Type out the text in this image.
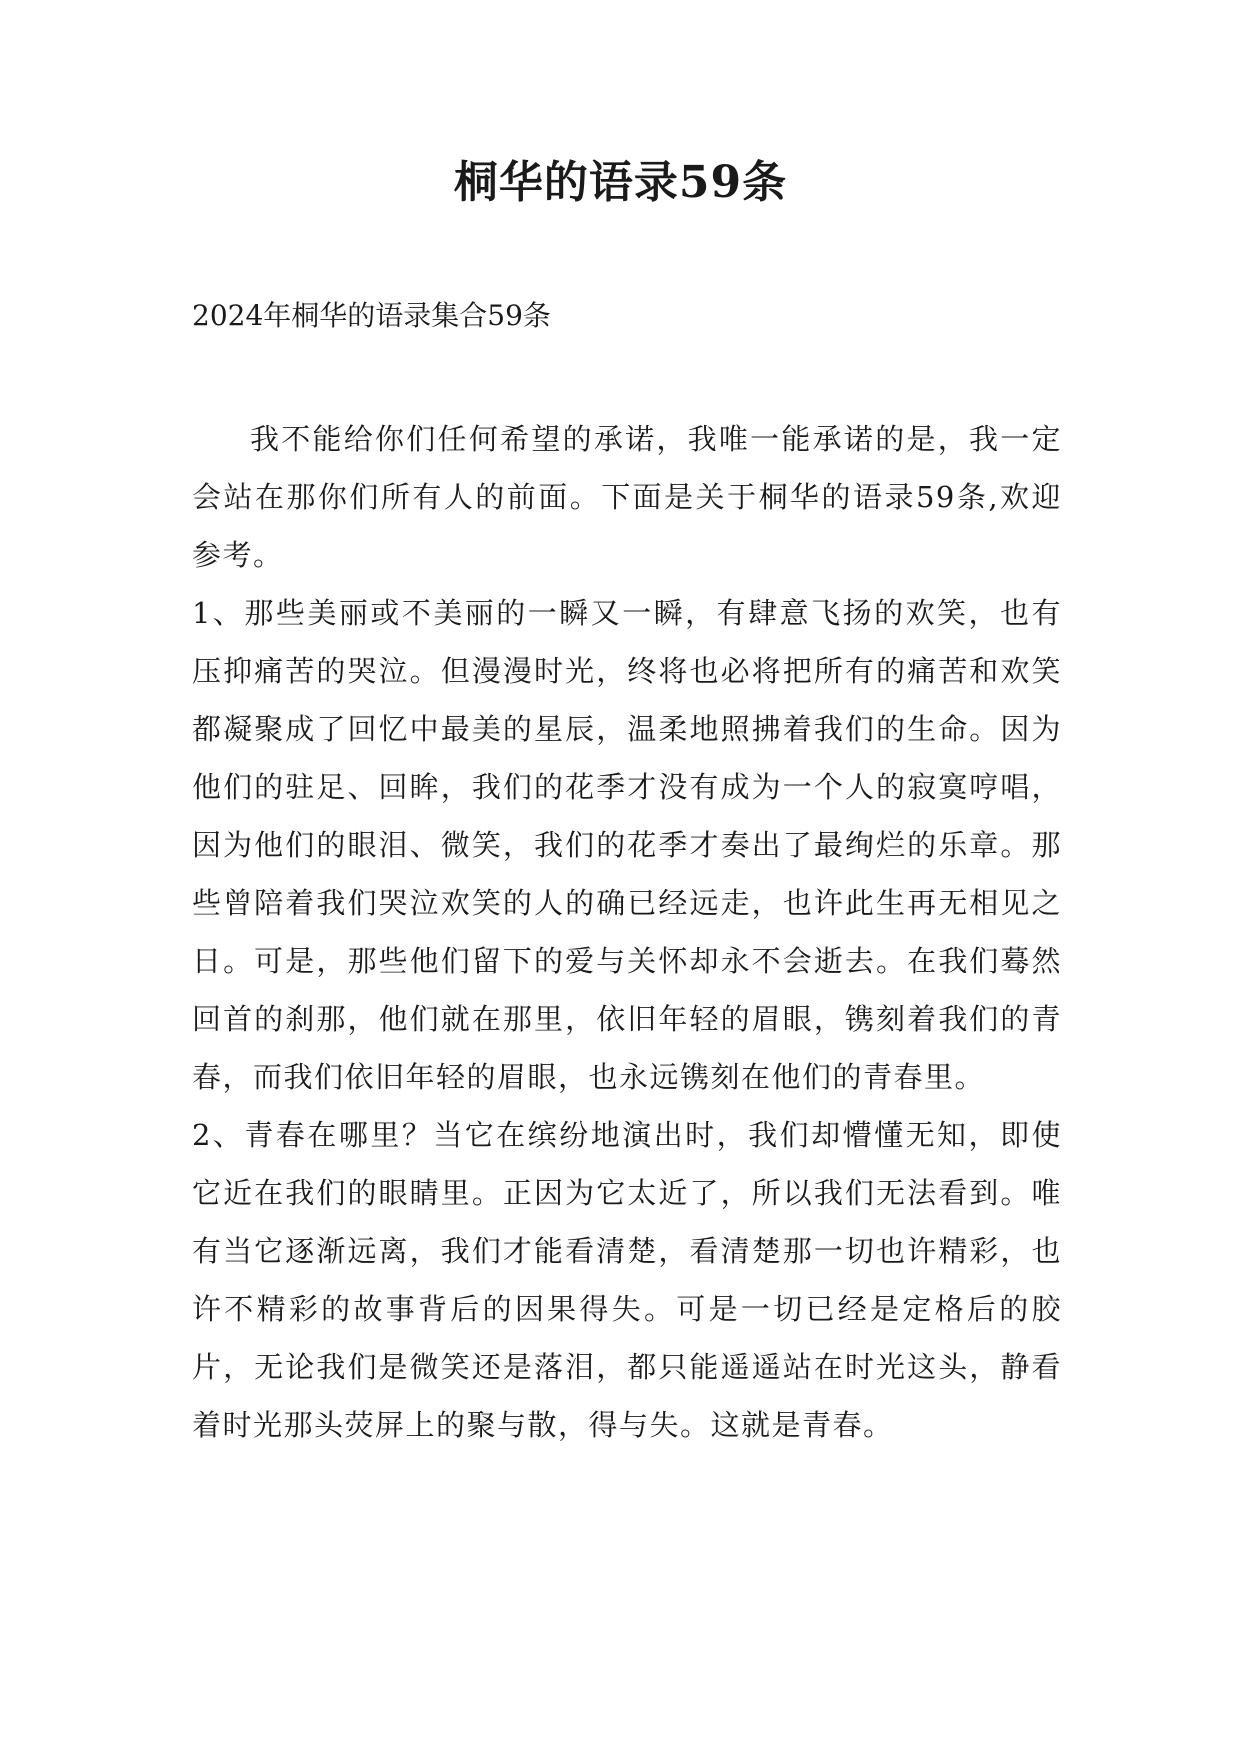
桐华的语录59条
2024年桐华的语录集合59条

我不能给你们任何希望的承诺，我唯一能承诺的是，我一定会站在那你们所有人的前面。下面是关于桐华的语录59条,欢迎参考。

1、那些美丽或不美丽的一瞬又一瞬，有肆意飞扬的欢笑，也有压抑痛苦的哭泣。但漫漫时光，终将也必将把所有的痛苦和欢笑都凝聚成了回忆中最美的星辰，温柔地照拂着我们的生命。因为他们的驻足、回眸，我们的花季才没有成为一个人的寂寞哼唱，因为他们的眼泪、微笑，我们的花季才奏出了最绚烂的乐章。那些曾陪着我们哭泣欢笑的人的确已经远走，也许此生再无相见之日。可是，那些他们留下的爱与关怀却永不会逝去。在我们蓦然回首的刹那，他们就在那里，依旧年轻的眉眼，镌刻着我们的青春，而我们依旧年轻的眉眼，也永远镌刻在他们的青春里。

2、青春在哪里？当它在缤纷地演出时，我们却懵懂无知，即使它近在我们的眼睛里。正因为它太近了，所以我们无法看到。唯有当它逐渐远离，我们才能看清楚，看清楚那一切也许精彩，也许不精彩的故事背后的因果得失。可是一切已经是定格后的胶片，无论我们是微笑还是落泪，都只能遥遥站在时光这头，静看着时光那头荧屏上的聚与散，得与失。这就是青春。
